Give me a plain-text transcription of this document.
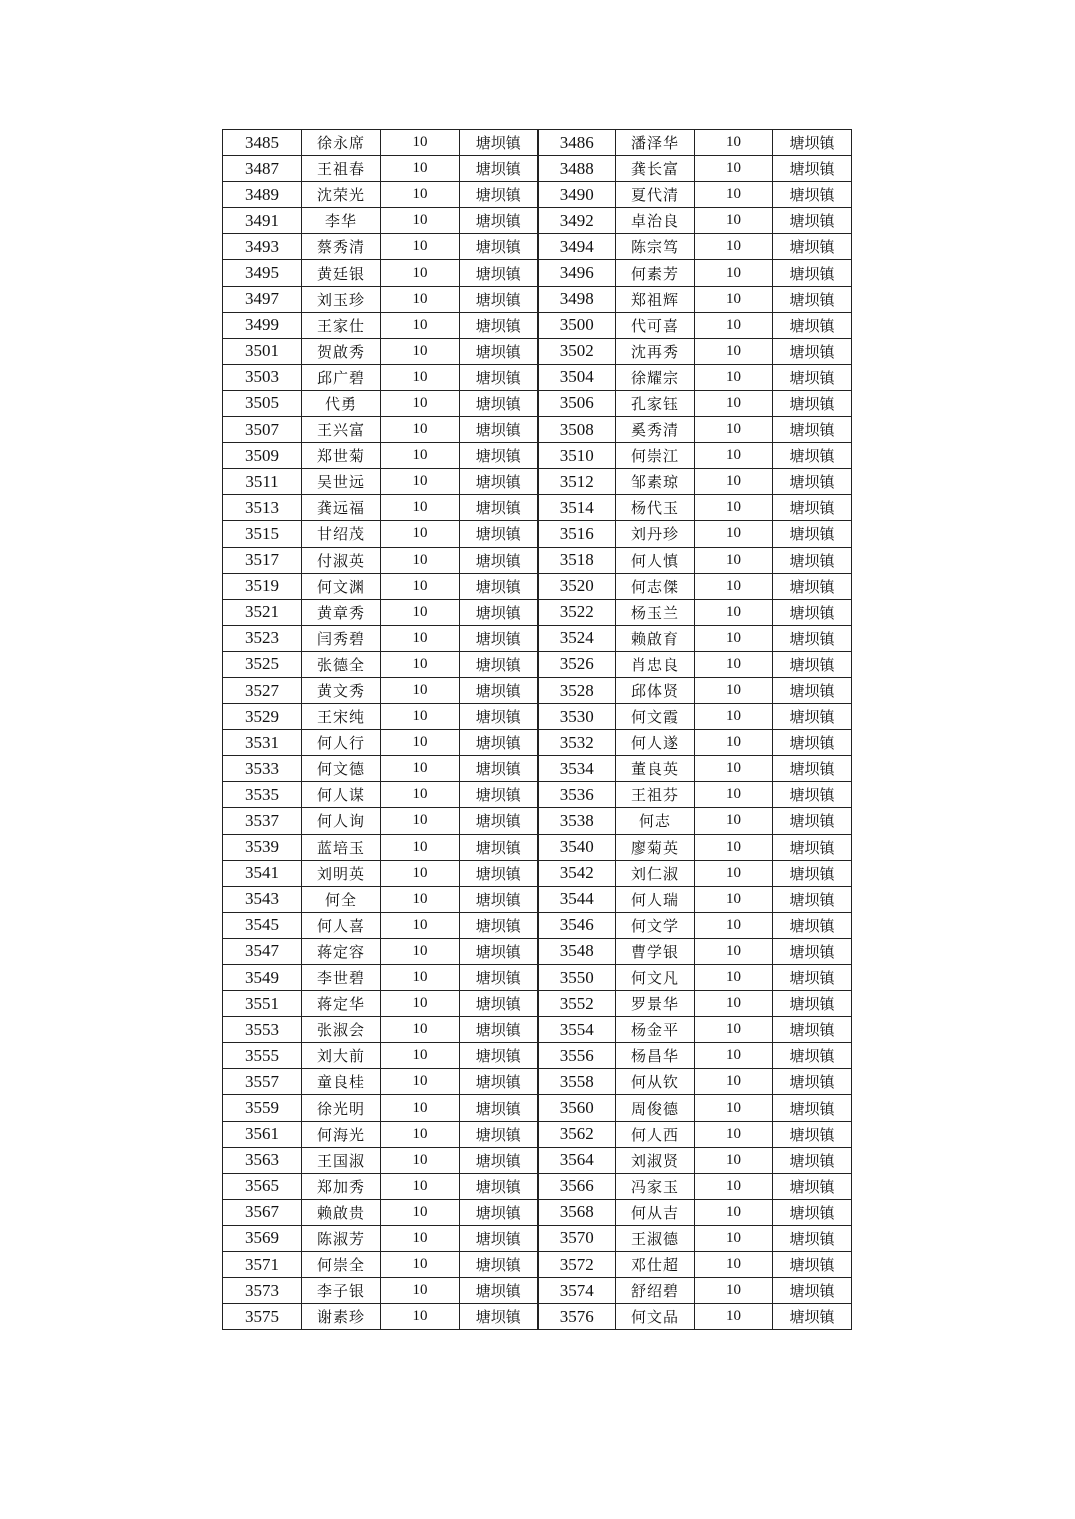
3485	徐永席	10	塘坝镇	3486	潘泽华	10	塘坝镇
3487	王祖春	10	塘坝镇	3488	龚长富	10	塘坝镇
3489	沈荣光	10	塘坝镇	3490	夏代清	10	塘坝镇
3491	李华	10	塘坝镇	3492	卓治良	10	塘坝镇
3493	蔡秀清	10	塘坝镇	3494	陈宗笃	10	塘坝镇
3495	黄廷银	10	塘坝镇	3496	何素芳	10	塘坝镇
3497	刘玉珍	10	塘坝镇	3498	郑祖辉	10	塘坝镇
3499	王家仕	10	塘坝镇	3500	代可喜	10	塘坝镇
3501	贺啟秀	10	塘坝镇	3502	沈再秀	10	塘坝镇
3503	邱广碧	10	塘坝镇	3504	徐耀宗	10	塘坝镇
3505	代勇	10	塘坝镇	3506	孔家钰	10	塘坝镇
3507	王兴富	10	塘坝镇	3508	奚秀清	10	塘坝镇
3509	郑世菊	10	塘坝镇	3510	何崇江	10	塘坝镇
3511	吴世远	10	塘坝镇	3512	邹素琼	10	塘坝镇
3513	龚远福	10	塘坝镇	3514	杨代玉	10	塘坝镇
3515	甘绍茂	10	塘坝镇	3516	刘丹珍	10	塘坝镇
3517	付淑英	10	塘坝镇	3518	何人慎	10	塘坝镇
3519	何文渊	10	塘坝镇	3520	何志傑	10	塘坝镇
3521	黄章秀	10	塘坝镇	3522	杨玉兰	10	塘坝镇
3523	闫秀碧	10	塘坝镇	3524	赖啟育	10	塘坝镇
3525	张德全	10	塘坝镇	3526	肖忠良	10	塘坝镇
3527	黄文秀	10	塘坝镇	3528	邱体贤	10	塘坝镇
3529	王宋纯	10	塘坝镇	3530	何文霞	10	塘坝镇
3531	何人行	10	塘坝镇	3532	何人遂	10	塘坝镇
3533	何文德	10	塘坝镇	3534	董良英	10	塘坝镇
3535	何人谋	10	塘坝镇	3536	王祖芬	10	塘坝镇
3537	何人询	10	塘坝镇	3538	何志	10	塘坝镇
3539	蓝培玉	10	塘坝镇	3540	廖菊英	10	塘坝镇
3541	刘明英	10	塘坝镇	3542	刘仁淑	10	塘坝镇
3543	何全	10	塘坝镇	3544	何人瑞	10	塘坝镇
3545	何人喜	10	塘坝镇	3546	何文学	10	塘坝镇
3547	蒋定容	10	塘坝镇	3548	曹学银	10	塘坝镇
3549	李世碧	10	塘坝镇	3550	何文凡	10	塘坝镇
3551	蒋定华	10	塘坝镇	3552	罗景华	10	塘坝镇
3553	张淑会	10	塘坝镇	3554	杨金平	10	塘坝镇
3555	刘大前	10	塘坝镇	3556	杨昌华	10	塘坝镇
3557	童良桂	10	塘坝镇	3558	何从钦	10	塘坝镇
3559	徐光明	10	塘坝镇	3560	周俊德	10	塘坝镇
3561	何海光	10	塘坝镇	3562	何人西	10	塘坝镇
3563	王国淑	10	塘坝镇	3564	刘淑贤	10	塘坝镇
3565	郑加秀	10	塘坝镇	3566	冯家玉	10	塘坝镇
3567	赖啟贵	10	塘坝镇	3568	何从吉	10	塘坝镇
3569	陈淑芳	10	塘坝镇	3570	王淑德	10	塘坝镇
3571	何崇全	10	塘坝镇	3572	邓仕超	10	塘坝镇
3573	李子银	10	塘坝镇	3574	舒绍碧	10	塘坝镇
3575	谢素珍	10	塘坝镇	3576	何文品	10	塘坝镇
